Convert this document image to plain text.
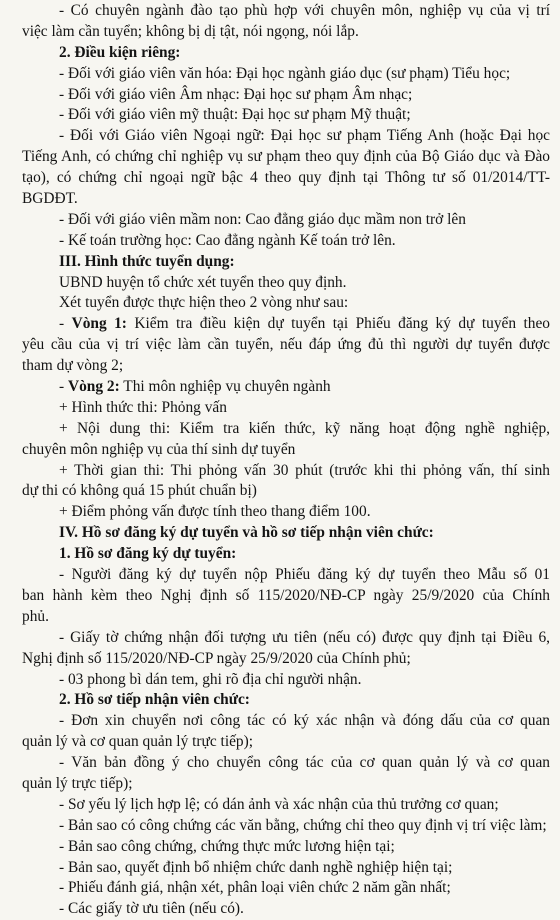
- Có chuyên ngành đào tạo phù hợp với chuyên môn, nghiệp vụ của vị trí
việc làm cần tuyển; không bị dị tật, nói ngọng, nói lắp.
2. Điều kiện riêng:
- Đối với giáo viên văn hóa: Đại học ngành giáo dục (sư phạm) Tiểu học;
- Đối với giáo viên Âm nhạc: Đại học sư phạm Âm nhạc;
- Đối với giáo viên mỹ thuật: Đại học sư phạm Mỹ thuật;
- Đối với Giáo viên Ngoại ngữ: Đại học sư phạm Tiếng Anh (hoặc Đại học
Tiếng Anh, có chứng chỉ nghiệp vụ sư phạm theo quy định của Bộ Giáo dục và Đào
tạo), có chứng chỉ ngoại ngữ bậc 4 theo quy định tại Thông tư số 01/2014/TT-
BGDĐT.
- Đối với giáo viên mầm non: Cao đẳng giáo dục mầm non trở lên
- Kế toán trường học: Cao đẳng ngành Kế toán trở lên.
III. Hình thức tuyển dụng:
UBND huyện tổ chức xét tuyển theo quy định.
Xét tuyển được thực hiện theo 2 vòng như sau:
- Vòng 1: Kiểm tra điều kiện dự tuyển tại Phiếu đăng ký dự tuyển theo
yêu cầu của vị trí việc làm cần tuyển, nếu đáp ứng đủ thì người dự tuyển được
tham dự vòng 2;
- Vòng 2: Thi môn nghiệp vụ chuyên ngành
+ Hình thức thi: Phỏng vấn
+ Nội dung thi: Kiểm tra kiến thức, kỹ năng hoạt động nghề nghiệp,
chuyên môn nghiệp vụ của thí sinh dự tuyển
+ Thời gian thi: Thi phỏng vấn 30 phút (trước khi thi phỏng vấn, thí sinh
dự thi có không quá 15 phút chuẩn bị)
+ Điểm phỏng vấn được tính theo thang điểm 100.
IV. Hồ sơ đăng ký dự tuyển và hồ sơ tiếp nhận viên chức:
1. Hồ sơ đăng ký dự tuyển:
- Người đăng ký dự tuyển nộp Phiếu đăng ký dự tuyển theo Mẫu số 01
ban hành kèm theo Nghị định số 115/2020/NĐ-CP ngày 25/9/2020 của Chính
phủ.
- Giấy tờ chứng nhận đối tượng ưu tiên (nếu có) được quy định tại Điều 6,
Nghị định số 115/2020/NĐ-CP ngày 25/9/2020 của Chính phủ;
- 03 phong bì dán tem, ghi rõ địa chỉ người nhận.
2. Hồ sơ tiếp nhận viên chức:
- Đơn xin chuyển nơi công tác có ký xác nhận và đóng dấu của cơ quan
quản lý và cơ quan quản lý trực tiếp);
- Văn bản đồng ý cho chuyển công tác của cơ quan quản lý và cơ quan
quản lý trực tiếp);
- Sơ yếu lý lịch hợp lệ; có dán ảnh và xác nhận của thủ trưởng cơ quan;
- Bản sao có công chứng các văn bằng, chứng chỉ theo quy định vị trí việc làm;
- Bản sao công chứng, chứng thực mức lương hiện tại;
- Bản sao, quyết định bổ nhiệm chức danh nghề nghiệp hiện tại;
- Phiếu đánh giá, nhận xét, phân loại viên chức 2 năm gần nhất;
- Các giấy tờ ưu tiên (nếu có).
